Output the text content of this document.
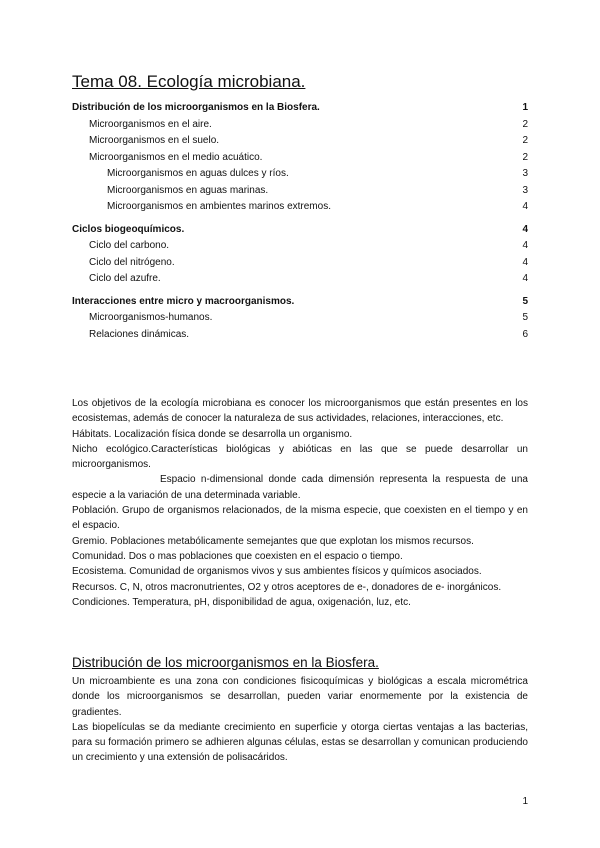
Tema 08. Ecología microbiana.
Distribución de los microorganismos en la Biosfera.	1
Microorganismos en el aire.	2
Microorganismos en el suelo.	2
Microorganismos en el medio acuático.	2
Microorganismos en aguas dulces y ríos.	3
Microorganismos en aguas marinas.	3
Microorganismos en ambientes marinos extremos.	4
Ciclos biogeoquímicos.	4
Ciclo del carbono.	4
Ciclo del nitrógeno.	4
Ciclo del azufre.	4
Interacciones entre micro y macroorganismos.	5
Microorganismos-humanos.	5
Relaciones dinámicas.	6

Los objetivos de la ecología microbiana es conocer los microorganismos que están presentes en los ecosistemas, además de conocer la naturaleza de sus actividades, relaciones, interacciones, etc.

Hábitats. Localización física donde se desarrolla un organismo.

Nicho ecológico.Características biológicas y abióticas en las que se puede desarrollar un microorganismos.

Espacio n-dimensional donde cada dimensión representa la respuesta de una especie a la variación de una determinada variable.

Población. Grupo de organismos relacionados, de la misma especie, que coexisten en el tiempo y en el espacio.

Gremio. Poblaciones metabólicamente semejantes que que explotan los mismos recursos.

Comunidad. Dos o mas poblaciones que coexisten en el espacio o tiempo.

Ecosistema. Comunidad de organismos vivos y sus ambientes físicos y químicos asociados.

Recursos. C, N, otros macronutrientes, O2 y otros aceptores de e-, donadores de e- inorgánicos.

Condiciones. Temperatura, pH, disponibilidad de agua, oxigenación, luz, etc.

Distribución de los microorganismos en la Biosfera.

Un microambiente es una zona con condiciones fisicoquímicas y biológicas a escala micrométrica donde los microorganismos se desarrollan, pueden variar enormemente por la existencia de gradientes.

Las biopelículas se da mediante crecimiento en superficie y otorga ciertas ventajas a las bacterias, para su formación primero se adhieren algunas células, estas se desarrollan y comunican produciendo un crecimiento y una extensión de polisacáridos.

1
